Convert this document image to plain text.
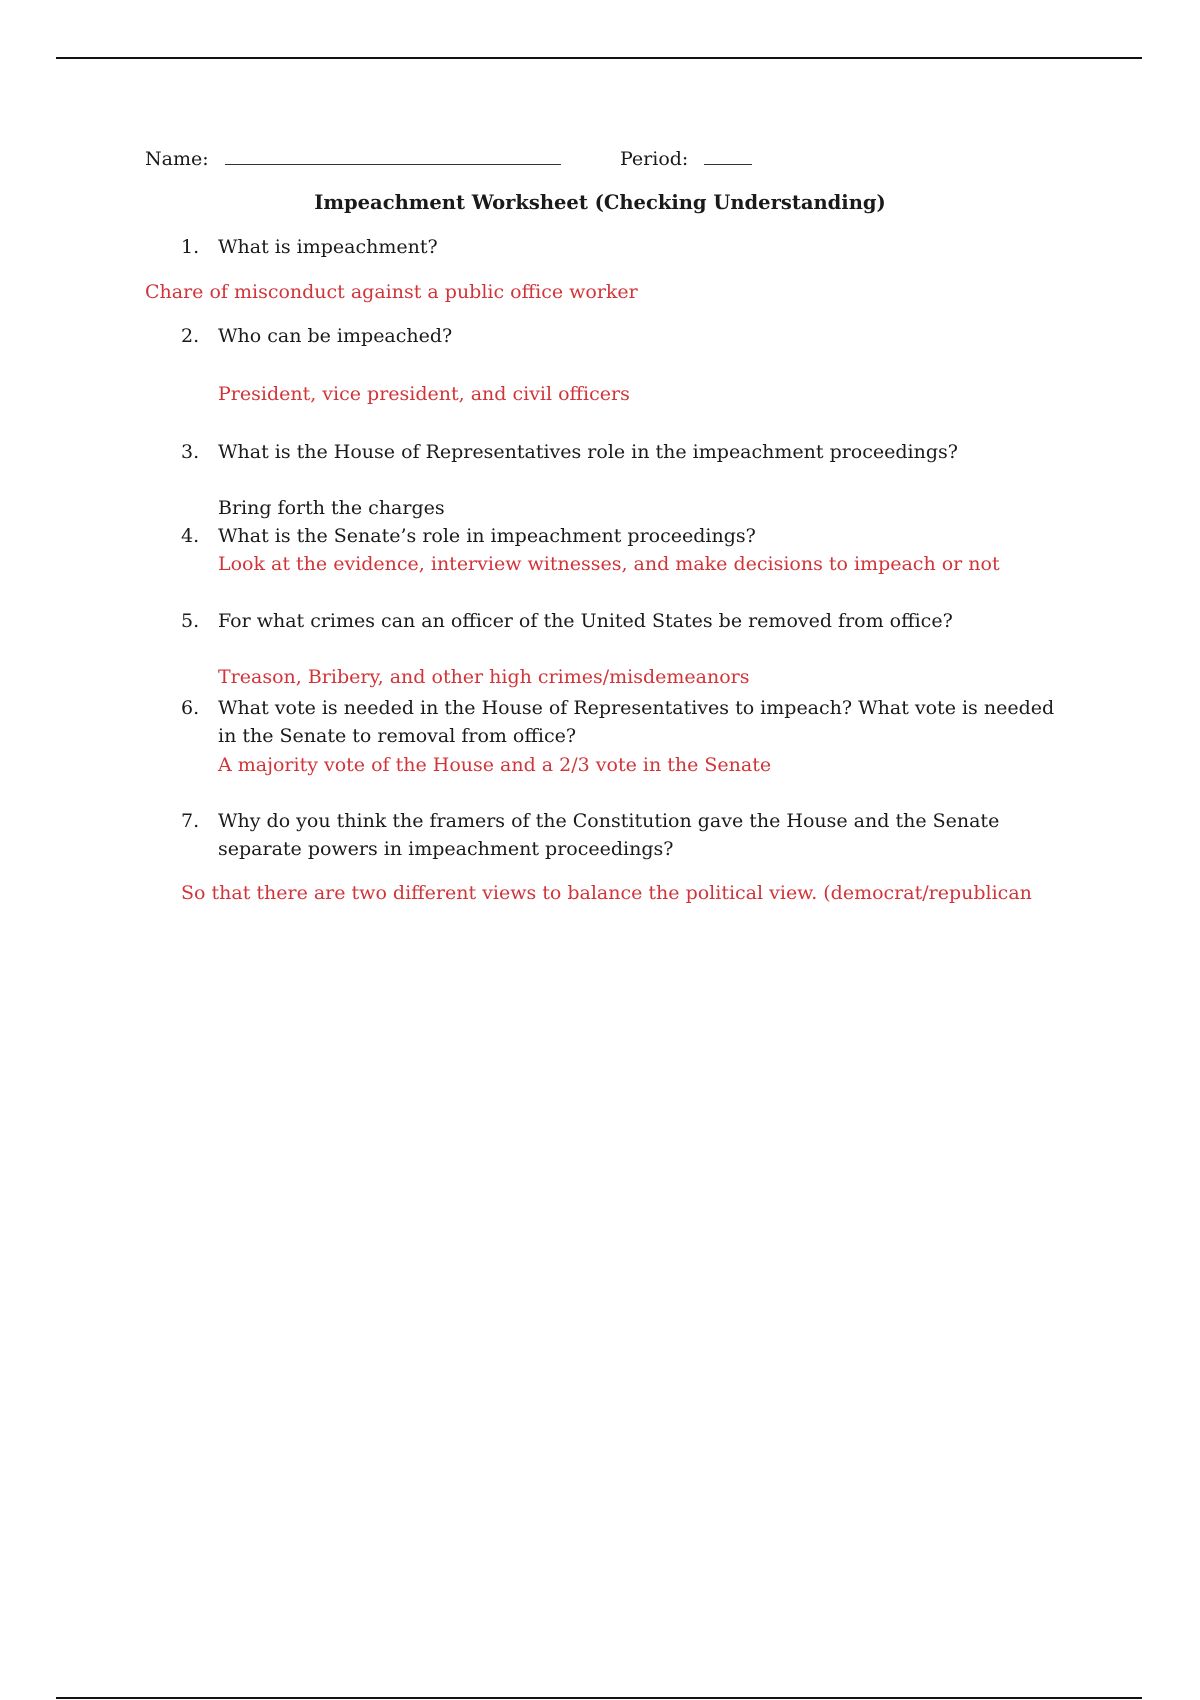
Name:	Period:
Impeachment Worksheet (Checking Understanding)
1. What is impeachment?
Chare of misconduct against a public office worker
2. Who can be impeached?
President, vice president, and civil officers
3. What is the House of Representatives role in the impeachment proceedings?
Bring forth the charges
4. What is the Senate’s role in impeachment proceedings?
Look at the evidence, interview witnesses, and make decisions to impeach or not
5. For what crimes can an officer of the United States be removed from office?
Treason, Bribery, and other high crimes/misdemeanors
6. What vote is needed in the House of Representatives to impeach? What vote is needed in the Senate to removal from office?
A majority vote of the House and a 2/3 vote in the Senate
7. Why do you think the framers of the Constitution gave the House and the Senate separate powers in impeachment proceedings?
So that there are two different views to balance the political view. (democrat/republican
